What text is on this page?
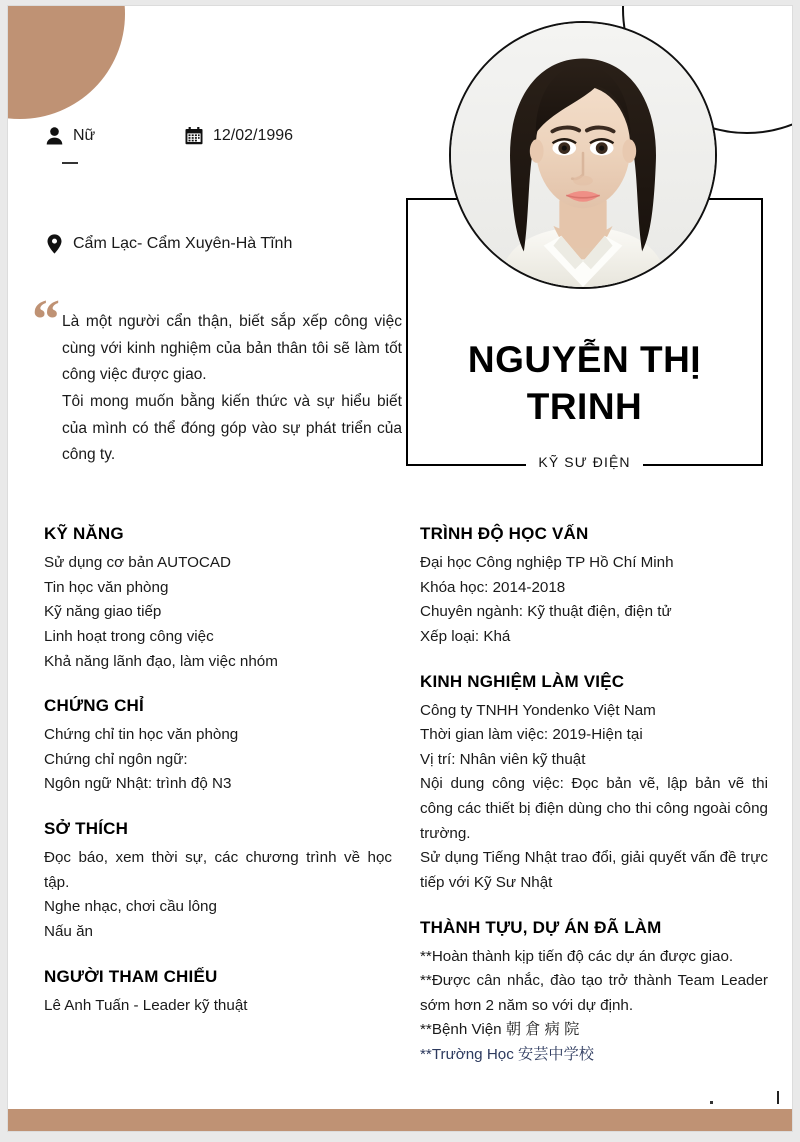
Nữ	12/02/1996
Cẩm Lạc- Cẩm Xuyên-Hà Tĩnh
“ Là một người cẩn thận, biết sắp xếp công việc cùng với kinh nghiệm của bản thân tôi sẽ làm tốt công việc được giao.

Tôi mong muốn bằng kiến thức và sự hiểu biết của mình có thể đóng góp vào sự phát triển của công ty.

NGUYỄN THỊ
TRINH
KỸ SƯ ĐIỆN
KỸ NĂNG
Sử dụng cơ bản AUTOCAD
Tin học văn phòng
Kỹ năng giao tiếp
Linh hoạt trong công việc
Khả năng lãnh đạo, làm việc nhóm
CHỨNG CHỈ
Chứng chỉ tin học văn phòng
Chứng chỉ ngôn ngữ:
Ngôn ngữ Nhật: trình độ N3
SỞ THÍCH
Đọc báo, xem thời sự, các chương trình về học tập.
Nghe nhạc, chơi cầu lông
Nấu ăn
NGƯỜI THAM CHIẾU
Lê Anh Tuấn - Leader kỹ thuật
TRÌNH ĐỘ HỌC VẤN
Đại học Công nghiệp TP Hồ Chí Minh
Khóa học: 2014-2018
Chuyên ngành: Kỹ thuật điện, điện tử
Xếp loại: Khá
KINH NGHIỆM LÀM VIỆC
Công ty TNHH Yondenko Việt Nam
Thời gian làm việc: 2019-Hiện tại
Vị trí: Nhân viên kỹ thuật
Nội dung công việc: Đọc bản vẽ, lập bản vẽ thi công các thiết bị điện dùng cho thi công ngoài công trường.
Sử dụng Tiếng Nhật trao đổi, giải quyết vấn đề trực tiếp với Kỹ Sư Nhật
THÀNH TỰU, DỰ ÁN ĐÃ LÀM
**Hoàn thành kịp tiến độ các dự án được giao.
**Được cân nhắc, đào tạo trở thành Team Leader sớm hơn 2 năm so với dự định.
**Bệnh Viện 朝 倉 病 院
**Trường Học 安芸中学校
